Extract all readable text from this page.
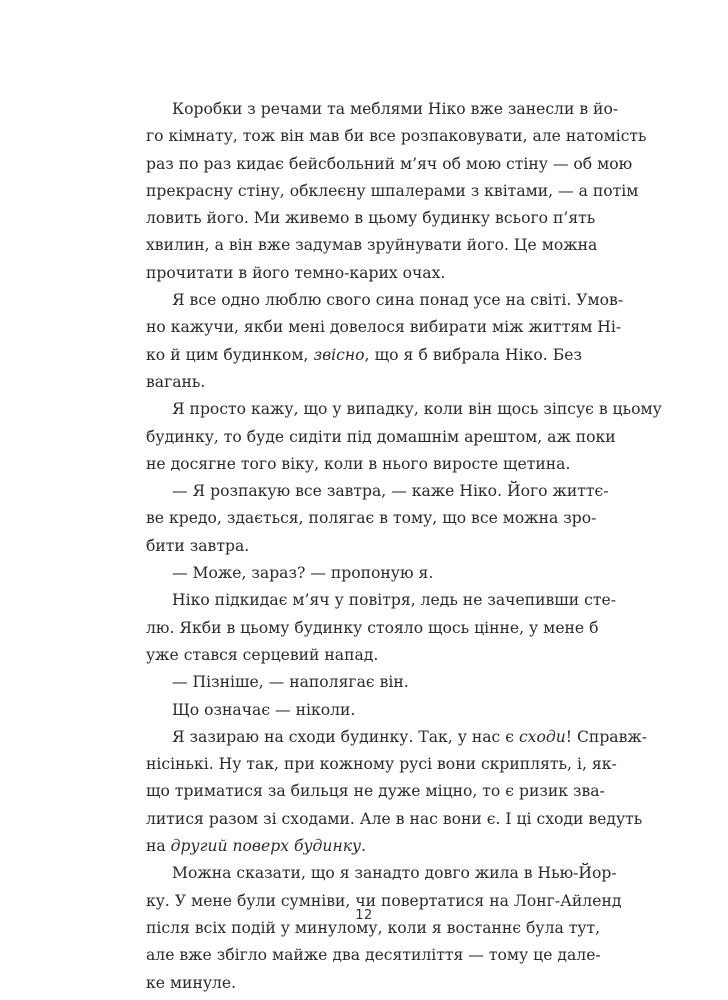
Коробки з речами та меблями Ніко вже занесли в йо-
го кімнату, тож він мав би все розпаковувати, але натомість
раз по раз кидає бейсбольний м’яч об мою стіну — об мою
прекрасну стіну, обклеєну шпалерами з квітами, — а потім
ловить його. Ми живемо в цьому будинку всього п’ять
хвилин, а він вже задумав зруйнувати його. Це можна
прочитати в його темно-карих очах.
Я все одно люблю свого сина понад усе на світі. Умов-
но кажучи, якби мені довелося вибирати між життям Ні-
ко й цим будинком, звісно, що я б вибрала Ніко. Без
вагань.
Я просто кажу, що у випадку, коли він щось зіпсує в цьому
будинку, то буде сидіти під домашнім арештом, аж поки
не досягне того віку, коли в нього виросте щетина.
— Я розпакую все завтра, — каже Ніко. Його життє-
ве кредо, здається, полягає в тому, що все можна зро-
бити завтра.
— Може, зараз? — пропоную я.
Ніко підкидає м’яч у повітря, ледь не зачепивши сте-
лю. Якби в цьому будинку стояло щось цінне, у мене б
уже стався серцевий напад.
— Пізніше, — наполягає він.
Що означає — ніколи.
Я зазираю на сходи будинку. Так, у нас є сходи! Справж-
нісінькі. Ну так, при кожному русі вони скриплять, і, як-
що триматися за бильця не дуже міцно, то є ризик зва-
литися разом зі сходами. Але в нас вони є. І ці сходи ведуть
на другий поверх будинку.
Можна сказати, що я занадто довго жила в Нью-Йор-
ку. У мене були сумніви, чи повертатися на Лонг-Айленд
після всіх подій у минулому, коли я востаннє була тут,
але вже збігло майже два десятиліття — тому це дале-
ке минуле.
12
